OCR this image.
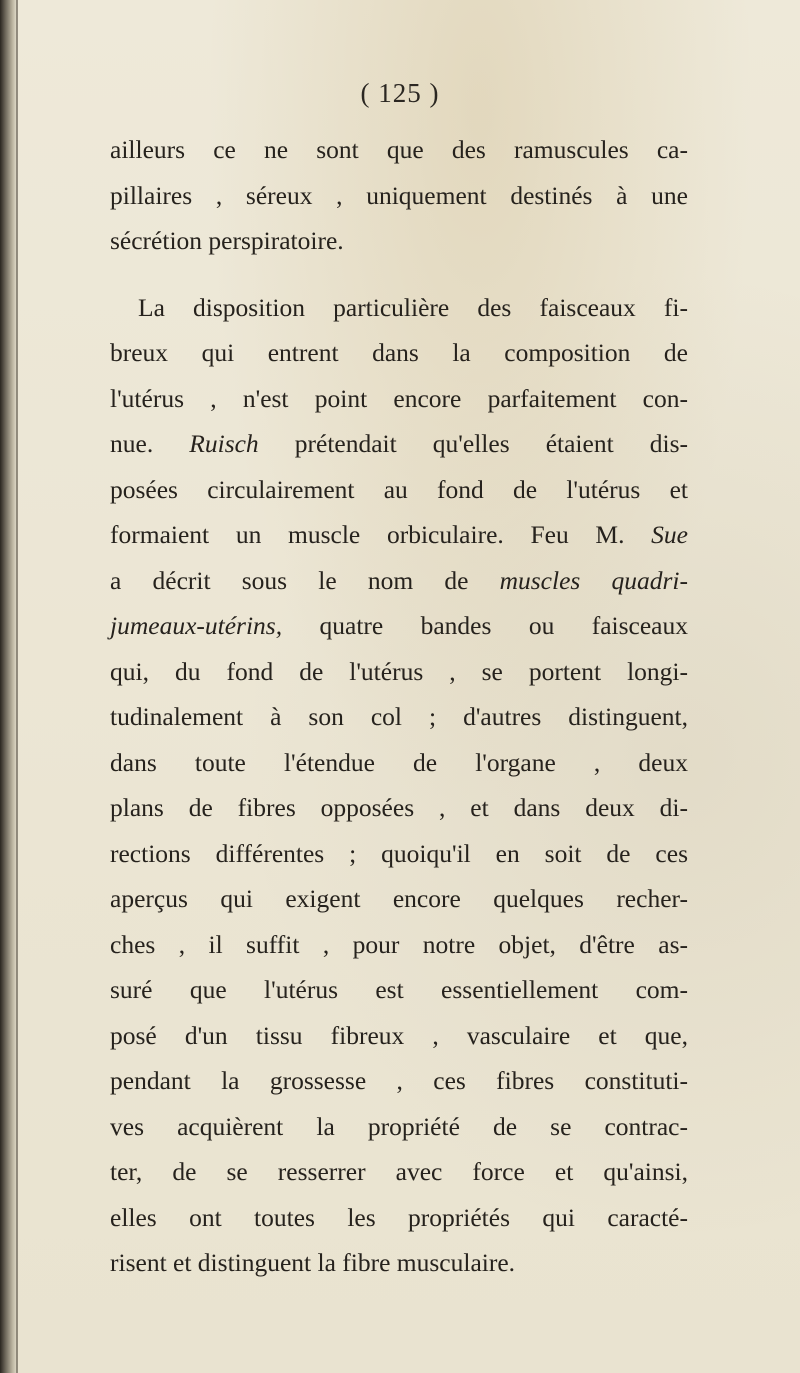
( 125 )
ailleurs ce ne sont que des ramuscules ca-
pillaires , séreux , uniquement destinés à une
sécrétion perspiratoire.
La disposition particulière des faisceaux fi-
breux qui entrent dans la composition de
l'utérus , n'est point encore parfaitement con-
nue. Ruisch prétendait qu'elles étaient dis-
posées circulairement au fond de l'utérus et
formaient un muscle orbiculaire. Feu M. Sue
a décrit sous le nom de muscles quadri-
jumeaux-utérins, quatre bandes ou faisceaux
qui, du fond de l'utérus , se portent longi-
tudinalement à son col ; d'autres distinguent,
dans toute l'étendue de l'organe , deux
plans de fibres opposées , et dans deux di-
rections différentes ; quoiqu'il en soit de ces
aperçus qui exigent encore quelques recher-
ches , il suffit , pour notre objet, d'être as-
suré que l'utérus est essentiellement com-
posé d'un tissu fibreux , vasculaire et que,
pendant la grossesse , ces fibres constituti-
ves acquièrent la propriété de se contrac-
ter, de se resserrer avec force et qu'ainsi,
elles ont toutes les propriétés qui caracté-
risent et distinguent la fibre musculaire.
